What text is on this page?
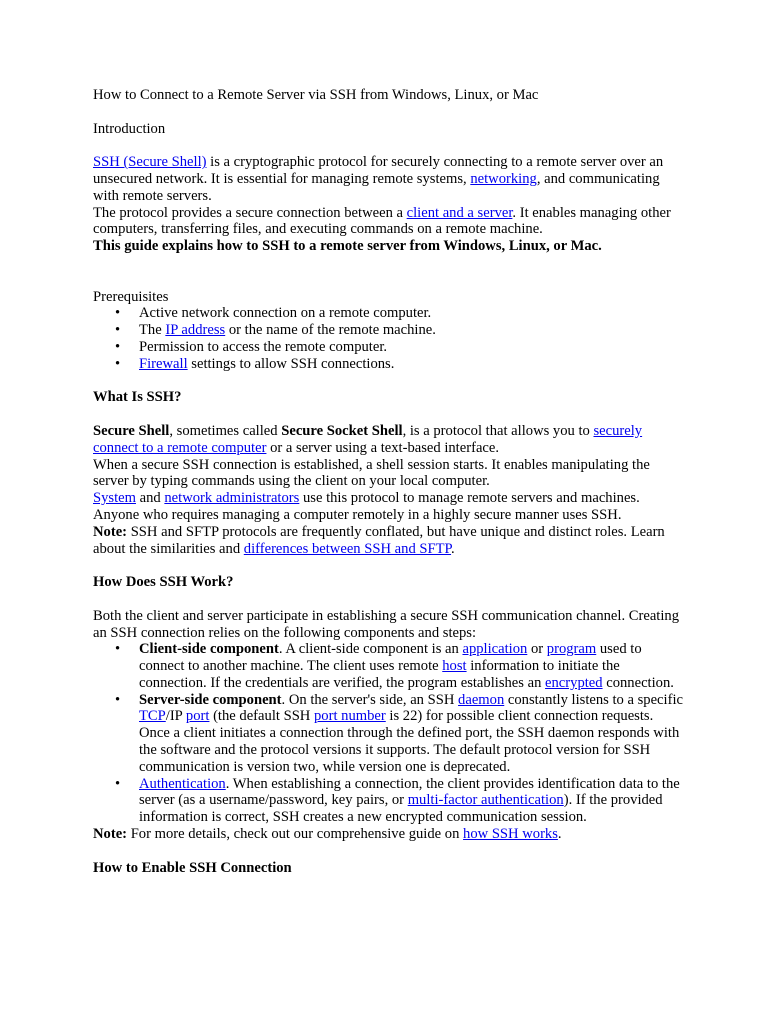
How to Connect to a Remote Server via SSH from Windows, Linux, or Mac

Introduction

SSH (Secure Shell) is a cryptographic protocol for securely connecting to a remote server over an unsecured network. It is essential for managing remote systems, networking, and communicating with remote servers.

The protocol provides a secure connection between a client and a server. It enables managing other computers, transferring files, and executing commands on a remote machine.

This guide explains how to SSH to a remote server from Windows, Linux, or Mac.

Prerequisites

• Active network connection on a remote computer.
• The IP address or the name of the remote machine.
• Permission to access the remote computer.
• Firewall settings to allow SSH connections.

What Is SSH?

Secure Shell, sometimes called Secure Socket Shell, is a protocol that allows you to securely connect to a remote computer or a server using a text-based interface.

When a secure SSH connection is established, a shell session starts. It enables manipulating the server by typing commands using the client on your local computer.

System and network administrators use this protocol to manage remote servers and machines. Anyone who requires managing a computer remotely in a highly secure manner uses SSH.

Note: SSH and SFTP protocols are frequently conflated, but have unique and distinct roles. Learn about the similarities and differences between SSH and SFTP.

How Does SSH Work?

Both the client and server participate in establishing a secure SSH communication channel. Creating an SSH connection relies on the following components and steps:

• Client-side component. A client-side component is an application or program used to connect to another machine. The client uses remote host information to initiate the connection. If the credentials are verified, the program establishes an encrypted connection.
• Server-side component. On the server's side, an SSH daemon constantly listens to a specific TCP/IP port (the default SSH port number is 22) for possible client connection requests. Once a client initiates a connection through the defined port, the SSH daemon responds with the software and the protocol versions it supports. The default protocol version for SSH communication is version two, while version one is deprecated.
• Authentication. When establishing a connection, the client provides identification data to the server (as a username/password, key pairs, or multi-factor authentication). If the provided information is correct, SSH creates a new encrypted communication session.

Note: For more details, check out our comprehensive guide on how SSH works.

How to Enable SSH Connection
